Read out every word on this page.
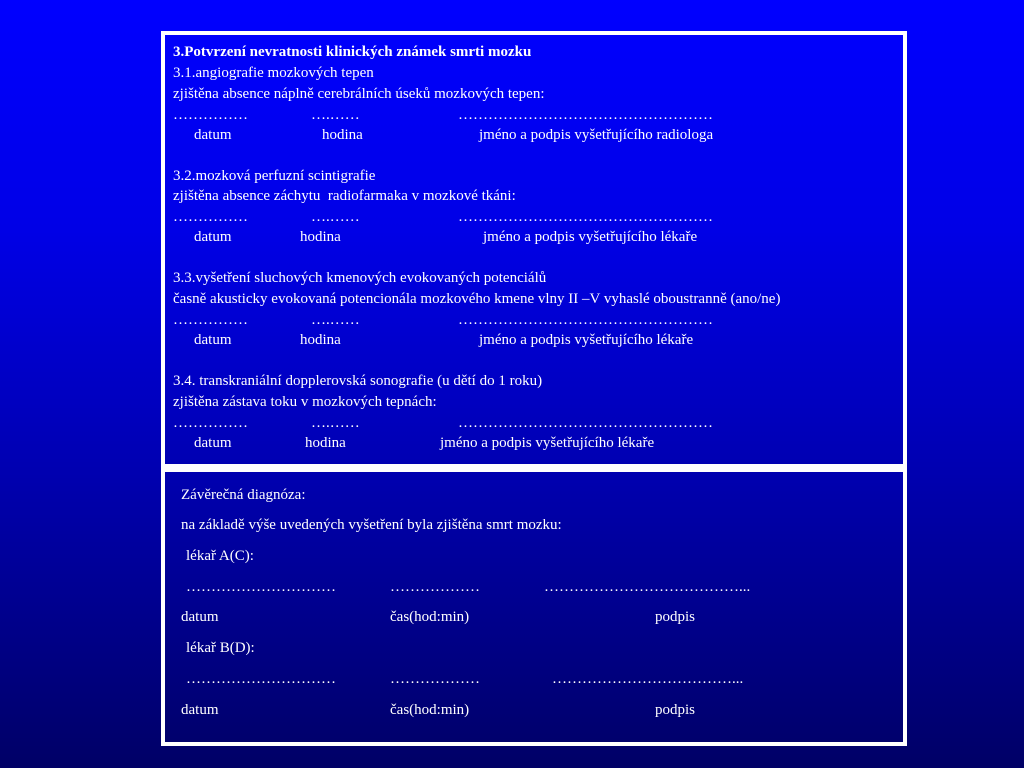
3.Potvrzení nevratnosti klinických známek smrti mozku
3.1.angiografie mozkových tepen
zjištěna absence náplně cerebrálních úseků mozkových tepen:
……………	….……	……………………………………………
datum	hodina	jméno a podpis vyšetřujícího radiologa
3.2.mozková perfuzní scintigrafie
zjištěna absence záchytu  radiofarmaka v mozkové tkáni:
……………	….……	……………………………………………
datum	hodina	jméno a podpis vyšetřujícího lékaře
3.3.vyšetření sluchových kmenových evokovaných potenciálů
časně akusticky evokovaná potencionála mozkového kmene vlny II –V vyhaslé oboustranně (ano/ne)
……………	….……	……………………………………………
datum	hodina	jméno a podpis vyšetřujícího lékaře
3.4. transkraniální dopplerovská sonografie (u dětí do 1 roku)
zjištěna zástava toku v mozkových tepnách:
……………	….……	……………………………………………
datum	hodina	jméno a podpis vyšetřujícího lékaře
Závěrečná diagnóza:
na základě výše uvedených vyšetření byla zjištěna smrt mozku:
lékař A(C):
…………………………	………………	…………………………………...
datum	čas(hod:min)	podpis
lékař B(D):
…………………………	………………	………………………………...
datum	čas(hod:min)	podpis
